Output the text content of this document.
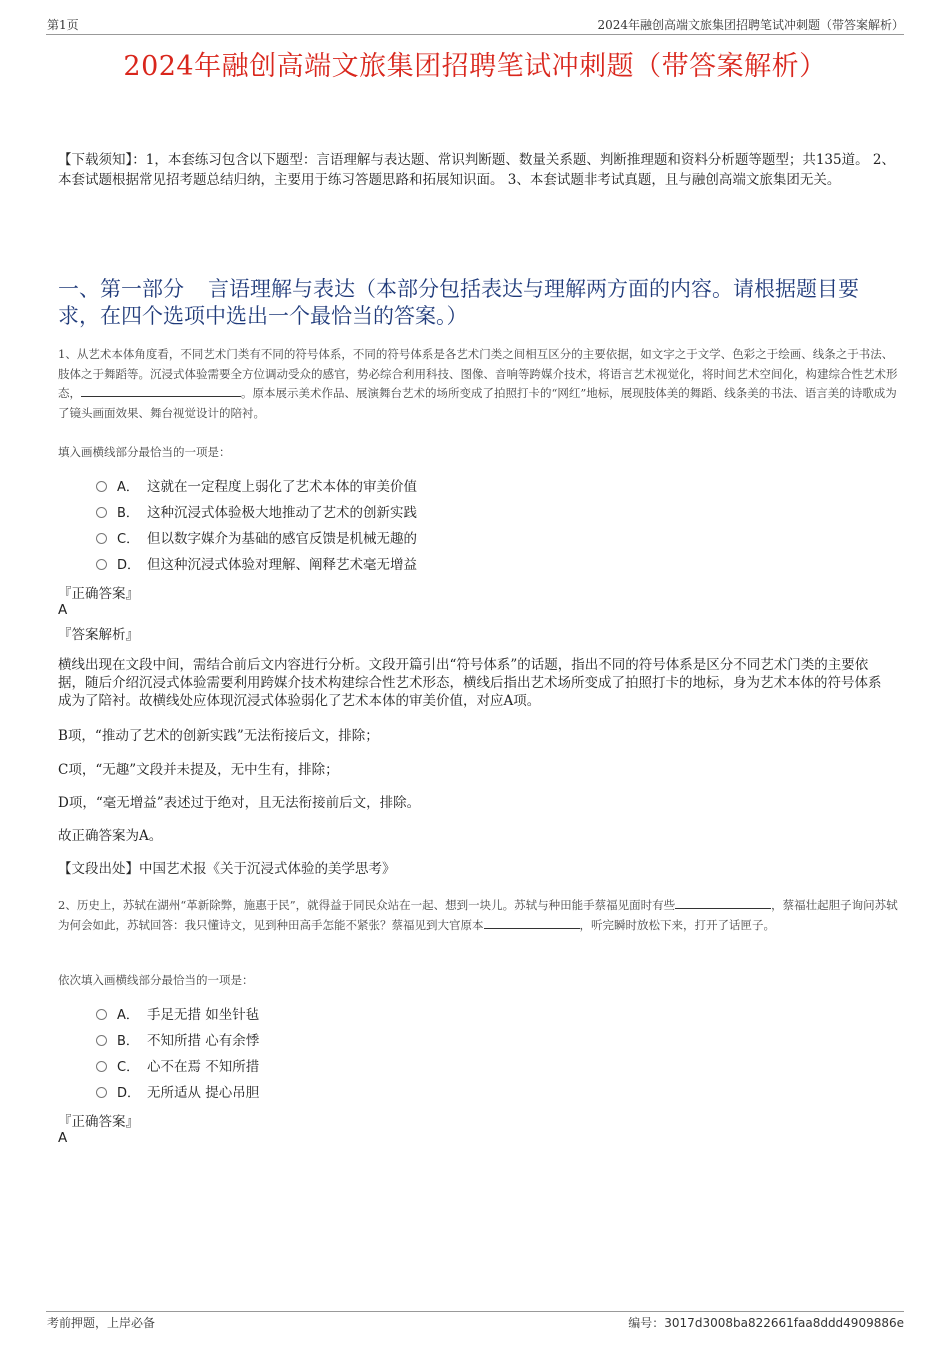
第1页	2024年融创高端文旅集团招聘笔试冲刺题（带答案解析）
2024年融创高端文旅集团招聘笔试冲刺题（带答案解析）
【下载须知】：1，本套练习包含以下题型：言语理解与表达题、常识判断题、数量关系题、判断推理题和资料分析题等题型；共135道。 2、本套试题根据常见招考题总结归纳，主要用于练习答题思路和拓展知识面。 3、本套试题非考试真题，且与融创高端文旅集团无关。
一、第一部分 言语理解与表达（本部分包括表达与理解两方面的内容。请根据题目要求，在四个选项中选出一个最恰当的答案。）
1、从艺术本体角度看，不同艺术门类有不同的符号体系，不同的符号体系是各艺术门类之间相互区分的主要依据，如文字之于文学、色彩之于绘画、线条之于书法、肢体之于舞蹈等。沉浸式体验需要全方位调动受众的感官，势必综合利用科技、图像、音响等跨媒介技术，将语言艺术视觉化，将时间艺术空间化，构建综合性艺术形态，	。原本展示美术作品、展演舞台艺术的场所变成了拍照打卡的“网红”地标，展现肢体美的舞蹈、线条美的书法、语言美的诗歌成为了镜头画面效果、舞台视觉设计的陪衬。
填入画横线部分最恰当的一项是：
A． 这就在一定程度上弱化了艺术本体的审美价值
B． 这种沉浸式体验极大地推动了艺术的创新实践
C． 但以数字媒介为基础的感官反馈是机械无趣的
D． 但这种沉浸式体验对理解、阐释艺术毫无增益
『正确答案』
A
『答案解析』
横线出现在文段中间，需结合前后文内容进行分析。文段开篇引出“符号体系”的话题，指出不同的符号体系是区分不同艺术门类的主要依据，随后介绍沉浸式体验需要利用跨媒介技术构建综合性艺术形态，横线后指出艺术场所变成了拍照打卡的地标，身为艺术本体的符号体系成为了陪衬。故横线处应体现沉浸式体验弱化了艺术本体的审美价值，对应A项。
B项，“推动了艺术的创新实践”无法衔接后文，排除；
C项，“无趣”文段并未提及，无中生有，排除；
D项，“毫无增益”表述过于绝对，且无法衔接前后文，排除。
故正确答案为A。
【文段出处】中国艺术报《关于沉浸式体验的美学思考》
2、历史上，苏轼在湖州“革新除弊，施惠于民”，就得益于同民众站在一起、想到一块儿。苏轼与种田能手蔡福见面时有些	，蔡福壮起胆子询问苏轼为何会如此，苏轼回答：我只懂诗文，见到种田高手怎能不紧张？蔡福见到大官原本	，听完瞬时放松下来，打开了话匣子。
依次填入画横线部分最恰当的一项是：
A． 手足无措 如坐针毡
B． 不知所措 心有余悸
C． 心不在焉 不知所措
D． 无所适从 提心吊胆
『正确答案』
A
考前押题，上岸必备	编号：3017d3008ba822661faa8ddd4909886e
